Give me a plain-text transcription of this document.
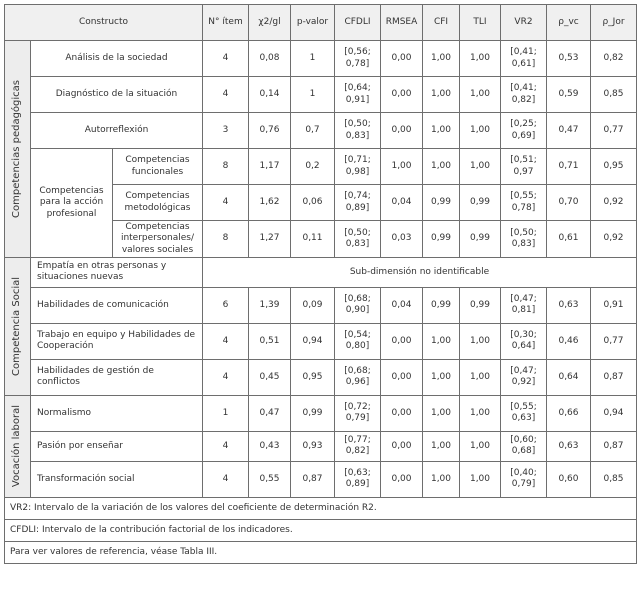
Constructo			N° ítem	χ2/gl	p-valor	CFDLI	RMSEA	CFI	TLI	VR2	ρ_vc	ρ_Jor

Competencias pedagógicas	Análisis de la sociedad		4	0,08	1	[0,56; 0,78]	0,00	1,00	1,00	[0,41; 0,61]	0,53	0,82
	Diagnóstico de la situación		4	0,14	1	[0,64; 0,91]	0,00	1,00	1,00	[0,41; 0,82]	0,59	0,85
	Autorreflexión		3	0,76	0,7	[0,50; 0,83]	0,00	1,00	1,00	[0,25; 0,69]	0,47	0,77
	Competencias para la acción profesional	Competencias funcionales	8	1,17	0,2	[0,71; 0,98]	1,00	1,00	1,00	[0,51; 0,97	0,71	0,95
		Competencias metodológicas	4	1,62	0,06	[0,74; 0,89]	0,04	0,99	0,99	[0,55; 0,78]	0,70	0,92
		Competencias interpersonales/ valores sociales	8	1,27	0,11	[0,50; 0,83]	0,03	0,99	0,99	[0,50; 0,83]	0,61	0,92

Competencia Social	Empatía en otras personas y situaciones nuevas		Sub-dimensión no identificable									
	Habilidades de comunicación		6	1,39	0,09	[0,68; 0,90]	0,04	0,99	0,99	[0,47; 0,81]	0,63	0,91
	Trabajo en equipo y Habilidades de Cooperación		4	0,51	0,94	[0,54; 0,80]	0,00	1,00	1,00	[0,30; 0,64]	0,46	0,77
	Habilidades de gestión de conflictos		4	0,45	0,95	[0,68; 0,96]	0,00	1,00	1,00	[0,47; 0,92]	0,64	0,87

Vocación laboral	Normalismo		1	0,47	0,99	[0,72; 0,79]	0,00	1,00	1,00	[0,55; 0,63]	0,66	0,94
	Pasión por enseñar		4	0,43	0,93	[0,77; 0,82]	0,00	1,00	1,00	[0,60; 0,68]	0,63	0,87
	Transformación social		4	0,55	0,87	[0,63; 0,89]	0,00	1,00	1,00	[0,40; 0,79]	0,60	0,85
VR2: Intervalo de la variación de los valores del coeficiente de determinación R2.												
CFDLI: Intervalo de la contribución factorial de los indicadores.												
Para ver valores de referencia, véase Tabla III.												
